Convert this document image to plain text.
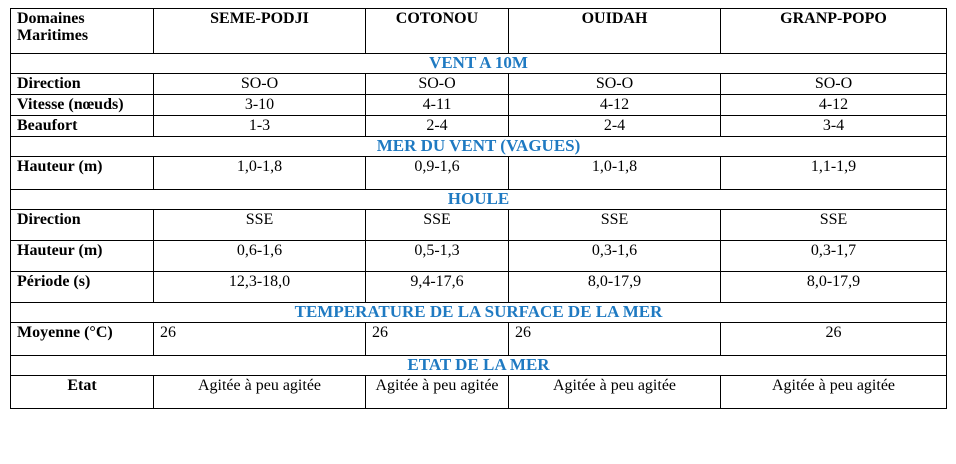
Domaines Maritimes	SEME-PODJI	COTONOU	OUIDAH	GRANP-POPO
VENT A 10M				
Direction	SO-O	SO-O	SO-O	SO-O
Vitesse (nœuds)	3-10	4-11	4-12	4-12
Beaufort	1-3	2-4	2-4	3-4
MER DU VENT (VAGUES)				
Hauteur (m)	1,0-1,8	0,9-1,6	1,0-1,8	1,1-1,9
HOULE				
Direction	SSE	SSE	SSE	SSE
Hauteur (m)	0,6-1,6	0,5-1,3	0,3-1,6	0,3-1,7
Période (s)	12,3-18,0	9,4-17,6	8,0-17,9	8,0-17,9
TEMPERATURE DE LA SURFACE DE LA MER				
Moyenne (°C)	26	26	26	26
ETAT DE LA MER				
Etat	Agitée à peu agitée	Agitée à peu agitée	Agitée à peu agitée	Agitée à peu agitée
